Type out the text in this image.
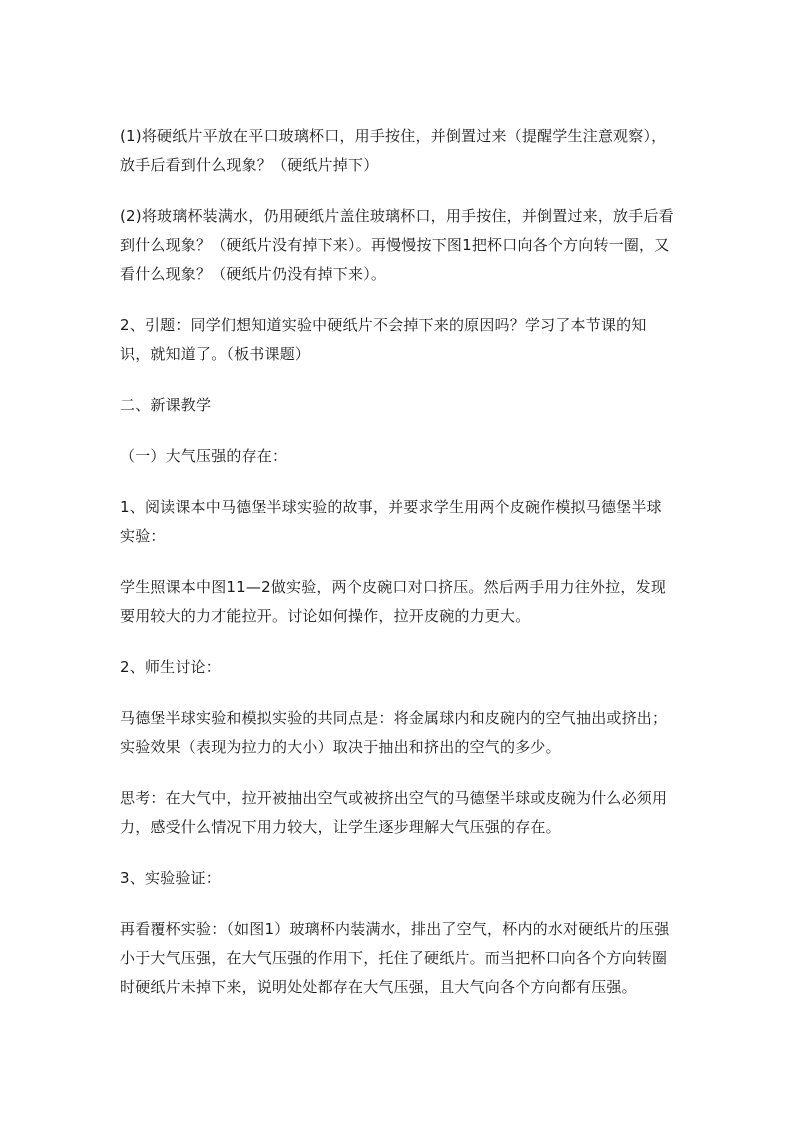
(1)将硬纸片平放在平口玻璃杯口，用手按住，并倒置过来（提醒学生注意观察），放手后看到什么现象？（硬纸片掉下）

(2)将玻璃杯装满水，仍用硬纸片盖住玻璃杯口，用手按住，并倒置过来，放手后看到什么现象？（硬纸片没有掉下来）。再慢慢按下图1把杯口向各个方向转一圈，又看什么现象？（硬纸片仍没有掉下来）。

2、引题：同学们想知道实验中硬纸片不会掉下来的原因吗？学习了本节课的知识，就知道了。（板书课题）

二、新课教学

（一）大气压强的存在：

1、阅读课本中马德堡半球实验的故事，并要求学生用两个皮碗作模拟马德堡半球实验：

学生照课本中图11—2做实验，两个皮碗口对口挤压。然后两手用力往外拉，发现要用较大的力才能拉开。讨论如何操作，拉开皮碗的力更大。

2、师生讨论：

马德堡半球实验和模拟实验的共同点是：将金属球内和皮碗内的空气抽出或挤出；实验效果（表现为拉力的大小）取决于抽出和挤出的空气的多少。

思考：在大气中，拉开被抽出空气或被挤出空气的马德堡半球或皮碗为什么必须用力，感受什么情况下用力较大，让学生逐步理解大气压强的存在。

3、实验验证：

再看覆杯实验：（如图1）玻璃杯内装满水，排出了空气，杯内的水对硬纸片的压强小于大气压强，在大气压强的作用下，托住了硬纸片。而当把杯口向各个方向转圈时硬纸片未掉下来，说明处处都存在大气压强，且大气向各个方向都有压强。
